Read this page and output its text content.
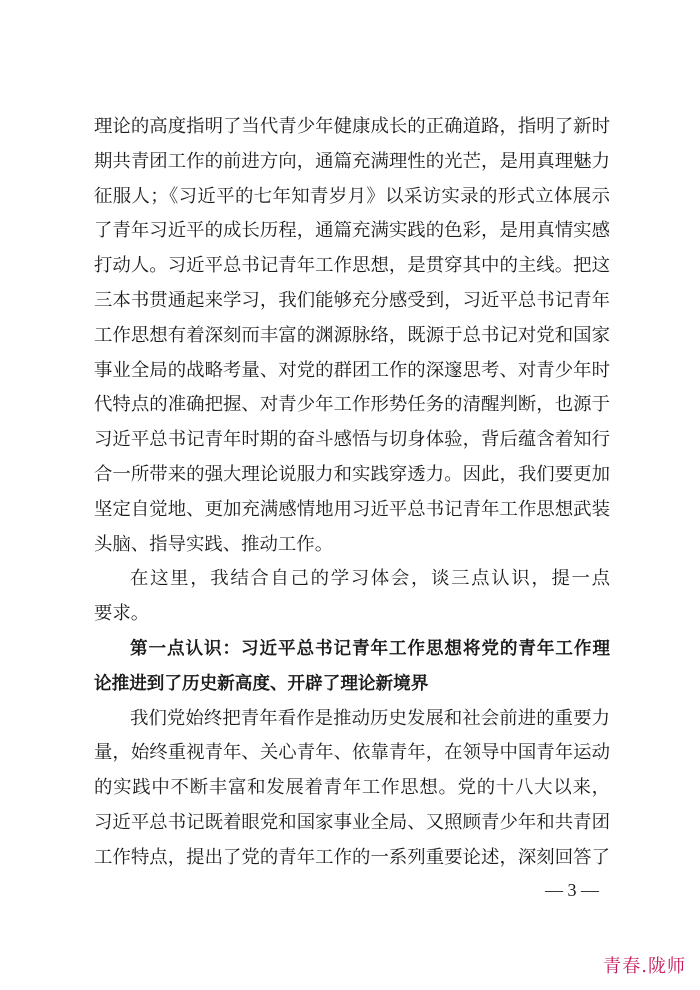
理论的高度指明了当代青少年健康成长的正确道路，指明了新时
期共青团工作的前进方向，通篇充满理性的光芒，是用真理魅力
征服人；《习近平的七年知青岁月》以采访实录的形式立体展示
了青年习近平的成长历程，通篇充满实践的色彩，是用真情实感
打动人。习近平总书记青年工作思想，是贯穿其中的主线。把这
三本书贯通起来学习，我们能够充分感受到，习近平总书记青年
工作思想有着深刻而丰富的渊源脉络，既源于总书记对党和国家
事业全局的战略考量、对党的群团工作的深邃思考、对青少年时
代特点的准确把握、对青少年工作形势任务的清醒判断，也源于
习近平总书记青年时期的奋斗感悟与切身体验，背后蕴含着知行
合一所带来的强大理论说服力和实践穿透力。因此，我们要更加
坚定自觉地、更加充满感情地用习近平总书记青年工作思想武装
头脑、指导实践、推动工作。
在这里，我结合自己的学习体会，谈三点认识，提一点
要求。
第一点认识：习近平总书记青年工作思想将党的青年工作理
论推进到了历史新高度、开辟了理论新境界
我们党始终把青年看作是推动历史发展和社会前进的重要力
量，始终重视青年、关心青年、依靠青年，在领导中国青年运动
的实践中不断丰富和发展着青年工作思想。党的十八大以来，
习近平总书记既着眼党和国家事业全局、又照顾青少年和共青团
工作特点，提出了党的青年工作的一系列重要论述，深刻回答了
— 3 —
青春.陇师
